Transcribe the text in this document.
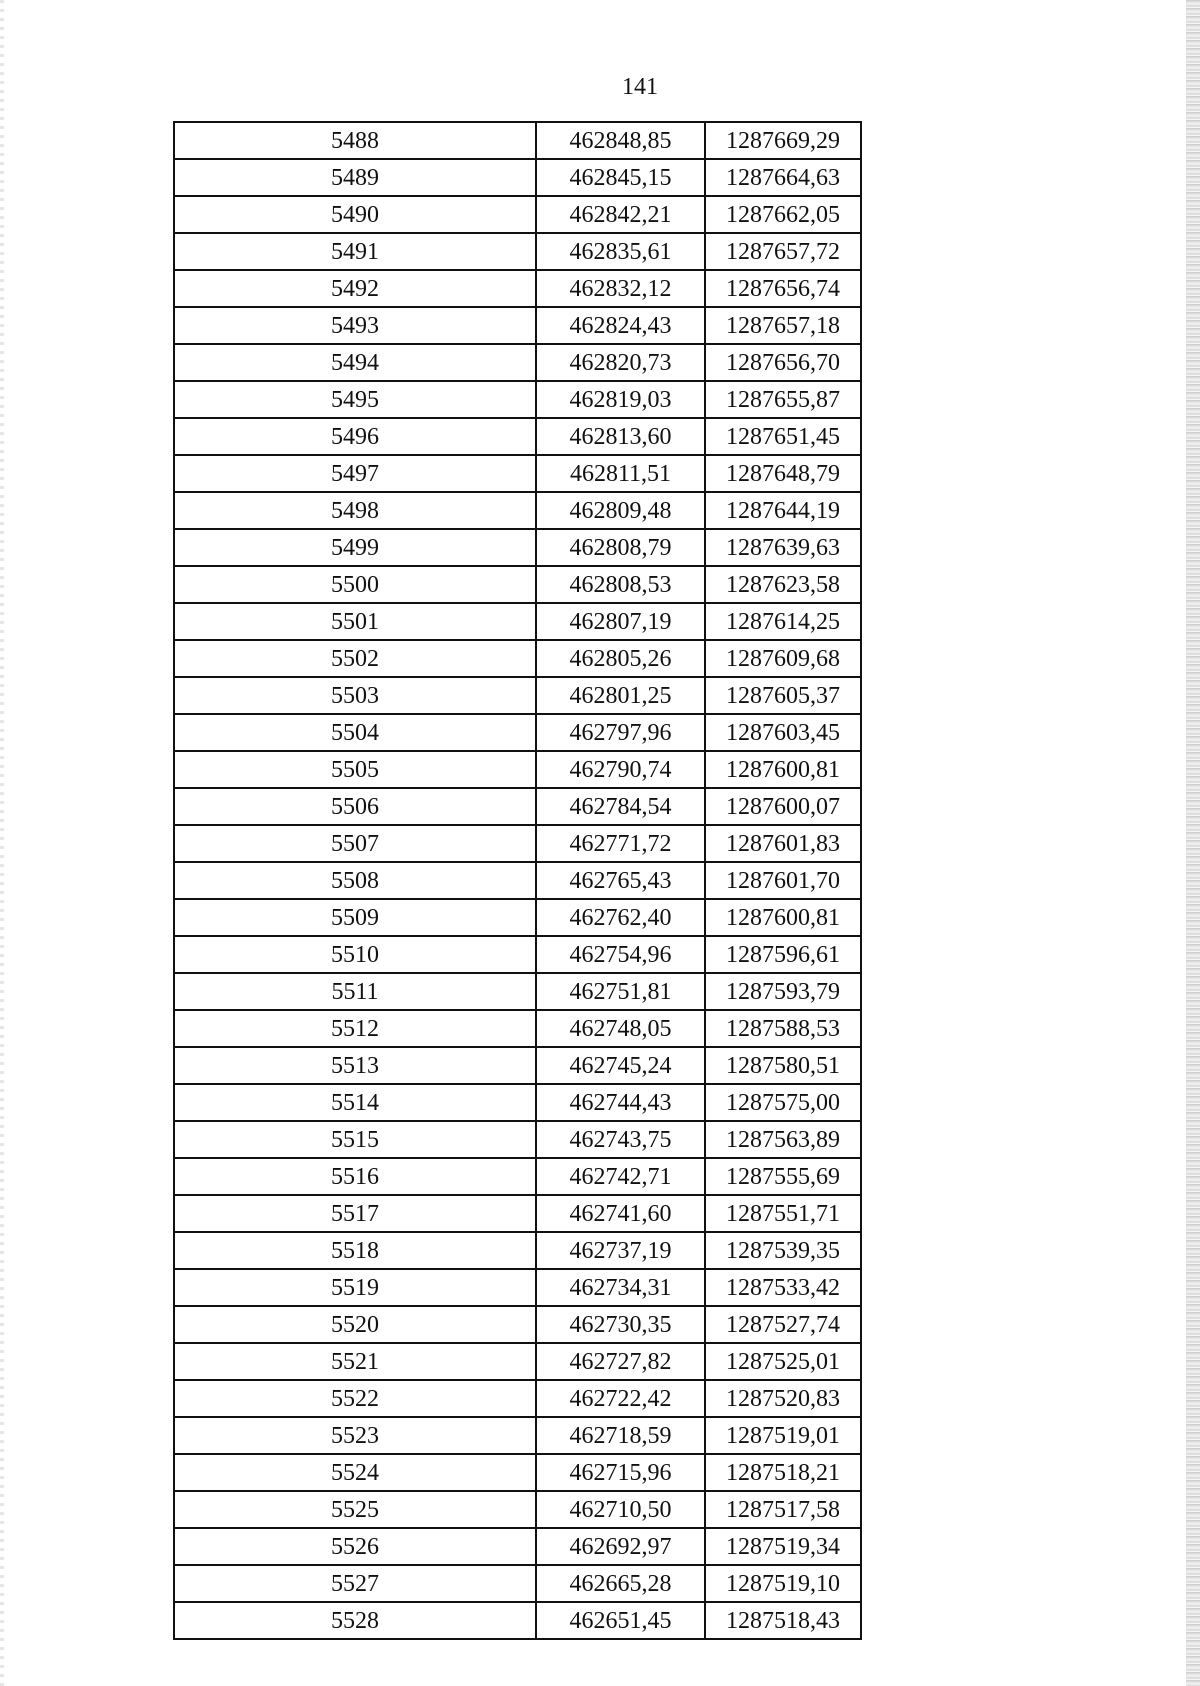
141
5488	462848,85	1287669,29
5489	462845,15	1287664,63
5490	462842,21	1287662,05
5491	462835,61	1287657,72
5492	462832,12	1287656,74
5493	462824,43	1287657,18
5494	462820,73	1287656,70
5495	462819,03	1287655,87
5496	462813,60	1287651,45
5497	462811,51	1287648,79
5498	462809,48	1287644,19
5499	462808,79	1287639,63
5500	462808,53	1287623,58
5501	462807,19	1287614,25
5502	462805,26	1287609,68
5503	462801,25	1287605,37
5504	462797,96	1287603,45
5505	462790,74	1287600,81
5506	462784,54	1287600,07
5507	462771,72	1287601,83
5508	462765,43	1287601,70
5509	462762,40	1287600,81
5510	462754,96	1287596,61
5511	462751,81	1287593,79
5512	462748,05	1287588,53
5513	462745,24	1287580,51
5514	462744,43	1287575,00
5515	462743,75	1287563,89
5516	462742,71	1287555,69
5517	462741,60	1287551,71
5518	462737,19	1287539,35
5519	462734,31	1287533,42
5520	462730,35	1287527,74
5521	462727,82	1287525,01
5522	462722,42	1287520,83
5523	462718,59	1287519,01
5524	462715,96	1287518,21
5525	462710,50	1287517,58
5526	462692,97	1287519,34
5527	462665,28	1287519,10
5528	462651,45	1287518,43
